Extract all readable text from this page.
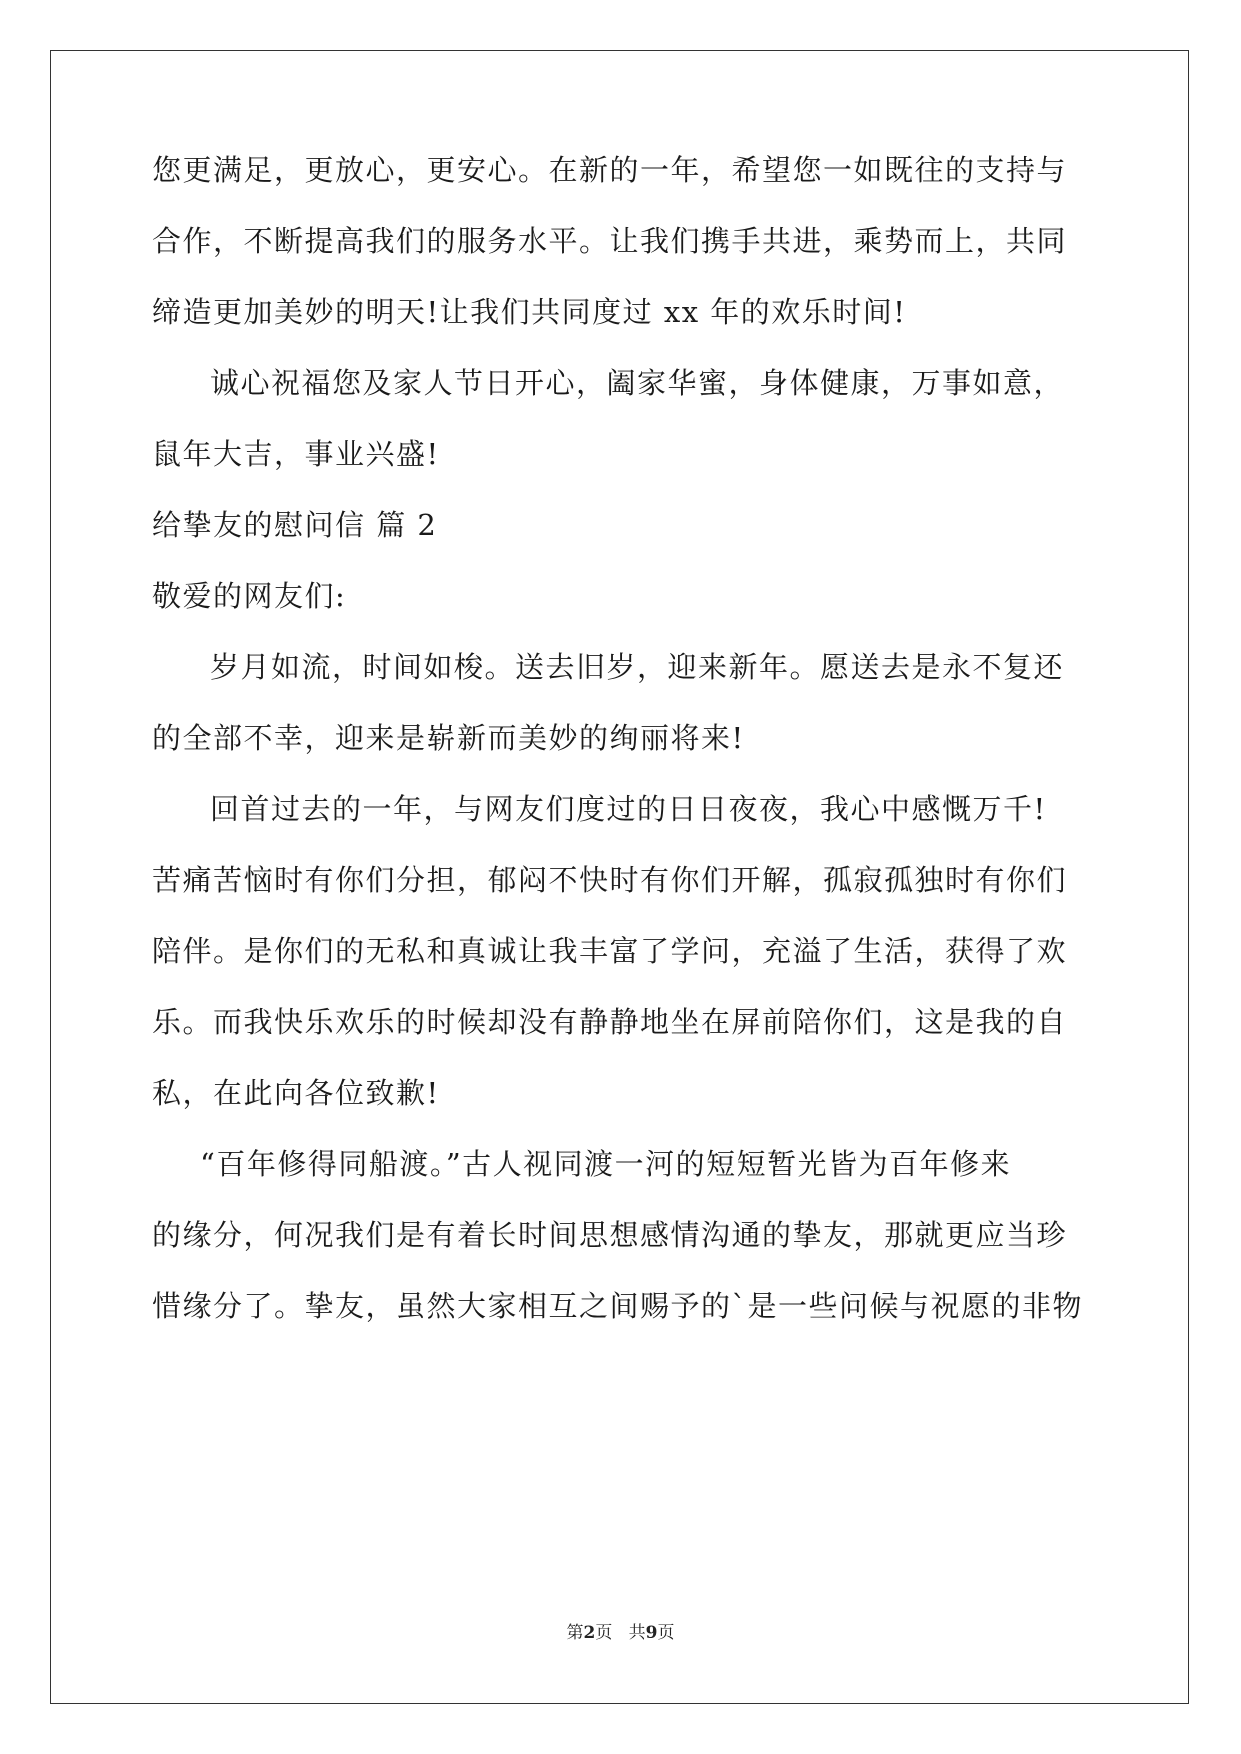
您更满足，更放心，更安心。在新的一年，希望您一如既往的支持与
合作，不断提高我们的服务水平。让我们携手共进，乘势而上，共同
缔造更加美妙的明天!让我们共同度过 xx 年的欢乐时间!
诚心祝福您及家人节日开心，阖家华蜜，身体健康，万事如意，
鼠年大吉，事业兴盛!
给挚友的慰问信 篇 2
敬爱的网友们:
岁月如流，时间如梭。送去旧岁，迎来新年。愿送去是永不复还
的全部不幸，迎来是崭新而美妙的绚丽将来!
回首过去的一年，与网友们度过的日日夜夜，我心中感慨万千!
苦痛苦恼时有你们分担，郁闷不快时有你们开解，孤寂孤独时有你们
陪伴。是你们的无私和真诚让我丰富了学问，充溢了生活，获得了欢
乐。而我快乐欢乐的时候却没有静静地坐在屏前陪你们，这是我的自
私，在此向各位致歉!
“百年修得同船渡。”古人视同渡一河的短短暂光皆为百年修来
的缘分，何况我们是有着长时间思想感情沟通的挚友，那就更应当珍
惜缘分了。挚友，虽然大家相互之间赐予的`是一些问候与祝愿的非物
第2页   共9页
